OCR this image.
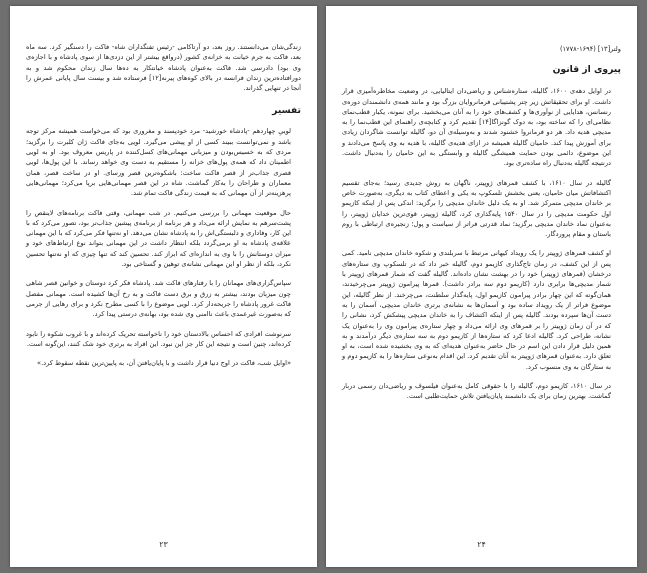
زندگی‌شان می‌دانستند. روز بعد، دو آرتاکامی -رئیس تفنگداران شاه- فاکت را دستگیر کرد. سه ماه بعد، فاکت به جرم خیانت به خزانه‌ی کشور (درواقع بیشتر از این دزدی‌ها از سوی پادشاه و با اجازه‌ی وی بود) دادرسی شد. فاکت به‌عنوان پادشاه خیانتکار به ده‌ها سال زندان محکوم شد و به دورافتاده‌ترین زندان فرانسه در بالای کوه‌های پیرنه[۱۲] فرستاده شد و بیست سال پایانی عمرش را آنجا در تنهایی گذراند.

تفسیر

لوییِ چهاردهم -پادشاه خورشید- مرد خودپسند و مغروری بود که می‌خواست همیشه مرکز توجه باشد و نمی‌توانست ببیند کسی از او پیشی می‌گیرد. لویی به‌جای فاکت ژان کلبرت را برگزید؛ مردی که به خسیس‌بودن و میزبانی مهمانی‌های کسل‌کننده در پاریس معروف بود. او به لویی اطمینان داد که همه‌ی پول‌های خزانه را مستقیم به دست وی خواهد رساند. با این پول‌ها، لویی قصری جذاب‌تر از قصر فاکت ساخت: باشکوه‌ترین قصر ورسای. او در ساخت قصر، همان معماران و طراحان را به‌کار گماشت. شاه در این قصر مهمانی‌هایی برپا می‌کرد؛ مهمانی‌هایی پرهزینه‌تر از آن مهمانی که به قیمت زندگی فاکت تمام شد.

حال موقعیت مهمانی را بررسی می‌کنیم. در شب مهمانی، وقتی فاکت برنامه‌های لاینقص را پشت‌سرهم به نمایش ارائه می‌داد و هر برنامه از برنامه‌ی پیشین جذاب‌تر بود، تصور می‌کرد که با این کار، وفاداری و دلبستگی‌اش را به پادشاه نشان می‌دهد. او نه‌تنها فکر می‌کرد که با این مهمانی علاقه‌ی پادشاه به او برمی‌گردد بلکه انتظار داشت در این مهمانی بتواند نوع ارتباط‌های خود و میزان دوستانش را با وی به اندازه‌ای که ابراز کند. تحسین کند که تنها چیزی که او نه‌تنها تحسین نکرد، بلکه از نظر او این مهمانی نشانه‌ی توهین و گستاخی بود.

سپاس‌گزاری‌های مهمانان را با رفتارهای فاکت شد. پادشاه فکر کرد دوستان و خوانین قصر شاهی چون میزبان بودند، بیشتر به زرق و برق دست فاکت و به رخ آن‌ها کشیده است. مهمانی مفصل فاکت غرور پادشاه را جریحه‌دار کرد. لویی موضوع را با کسی مطرح نکرد و برای رهایی از جرمی که به‌صورت غیرعمدی باعث ناامنی وی شده بود، بهانه‌ی درستی پیدا کرد.

سرنوشت افرادی که احساس بالادستان خود را ناخواسته تحریک کرده‌اند و با غروب شکوه را نابود کرده‌اند، چنین است و نتیجه این کار جز این نبود. این افراد به برتری خود شک کنند، این‌گونه است.

«اوایل شب، فاکت در اوج دنیا قرار داشت و با پایان‌یافتن آن، به پایین‌ترین نقطه سقوط کرد.»

۲۳

ولتر[۱۳] (۱۶۹۴-۱۷۷۸)

پیروی از قانون

در اوایل دهه‌ی ۱۶۰۰، گالیله، ستاره‌شناس و ریاضی‌دان ایتالیایی، در وضعیت مخاطره‌آمیزی قرار داشت. او برای تحقیقاتش زیر چتر پشتیبانی فرمانروایان بزرگ بود و مانند همه‌ی دانشمندان دوره‌ی رنسانس، هدایایی از نوآوری‌ها و کشف‌های خود را به آنان می‌بخشید. برای نمونه، یکبار قطب‌نمای نظامی‌ای را که ساخته بود، به دوک گونزاگا[۱۴] تقدیم کرد و کتابچه‌ی راهنمای این قطب‌نما را به مدیچی هدیه داد. هر دو فرمانروا خشنود شدند و به‌وسیله‌ی آن دو، گالیله توانست شاگردان زیادی برای آموزش پیدا کند. حامیان گالیله همیشه در ازای هدیه‌ی گالیله، با هدیه به وی پاسخ می‌دادند و این موضوع، دائمی بودن حمایت همیشگی گالیله و وابستگی به این حامیان را به‌دنبال داشت. درنتیجه گالیله به‌دنبال راه ساده‌تری بود.

گالیله در سال ۱۶۱۰، با کشف قمرهای ژوپیتر، ناگهان به روش جدیدی رسید؛ به‌جای تقسیم اکتشافاتش میان حامیان، یعنی بخشش تلسکوپ به یکی و اعطای کتاب به دیگری، به‌صورت خاص بر خاندان مدیچی متمرکز شد. او به یک دلیل خاندان مدیچی را برگزید: اندکی پس از اینکه کازیمو اول حکومت مدیچی را در سال ۱۵۴۰ پایه‌گذاری کرد، گالیله ژوپیتر، قوی‌ترین خدایان ژوپیتر، را به‌عنوان نماد خاندان مدیچی برگزید؛ نماد قدرتی فراتر از سیاست و پول؛ زنجیره‌ی ارتباطی با روم باستان و مقام پروردگار.

او کشف قمرهای ژوپیتر را یک رویداد کیهانی مرتبط با سربلندی و شکوه خاندان مدیچی نامید. کمی پس از این کشف، در زمان تاج‌گذاری کازیمو دوم، گالیله خبر داد که در تلسکوپ وی ستاره‌های درخشان (قمرهای ژوپیتر) خود را در بهشت نشان داده‌اند. گالیله گفت که شمار قمرهای ژوپیتر با شمار مدیچی‌ها برابری دارد (کازیمو دوم سه برادر داشت). قمرها پیرامون ژوپیتر می‌چرخیدند، همان‌گونه که این چهار برادر پیرامون کازیمو اول، پایه‌گذار سلطنت، می‌چرخند. از نظر گالیله، این موضوع فراتر از یک رویداد ساده بود و آسمان‌ها به نشانه‌ی برتری خاندان مدیچی، آسمان را به دست آن‌ها سپرده بودند. گالیله پس از اینکه اکتشاف را به خاندان مدیچی پیشکش کرد، نشانی را که در آن زمان ژوپیتر را بر قمرهای وی ارائه می‌داد و چهار ستاره‌ی پیرامون وی را به‌عنوان یک نشانه، طراحی کرد. گالیله ادعا کرد که ستاره‌ها از کازیمو دوم به سه ستاره‌ی دیگر درآمدند و به همین دلیل قرار دادن این اسم در حال حاضر به‌عنوان هدیه‌ای که به وی بخشیده شده است، به او تعلق دارد. به‌عنوان قمرهای ژوپیتر به آنان تقدیم کرد. این اقدام به‌نوعی ستاره‌ها را به کازیمو دوم و به ستارگان به وی منسوب کرد.

در سال ۱۶۱۰، کازیمو دوم، گالیله را با حقوقی کامل به‌عنوان فیلسوف و ریاضی‌دان رسمی دربار گماشت. بهترین زمان برای یک دانشمند پایان‌یافتن تلاش حمایت‌طلبی است.

۲۴
